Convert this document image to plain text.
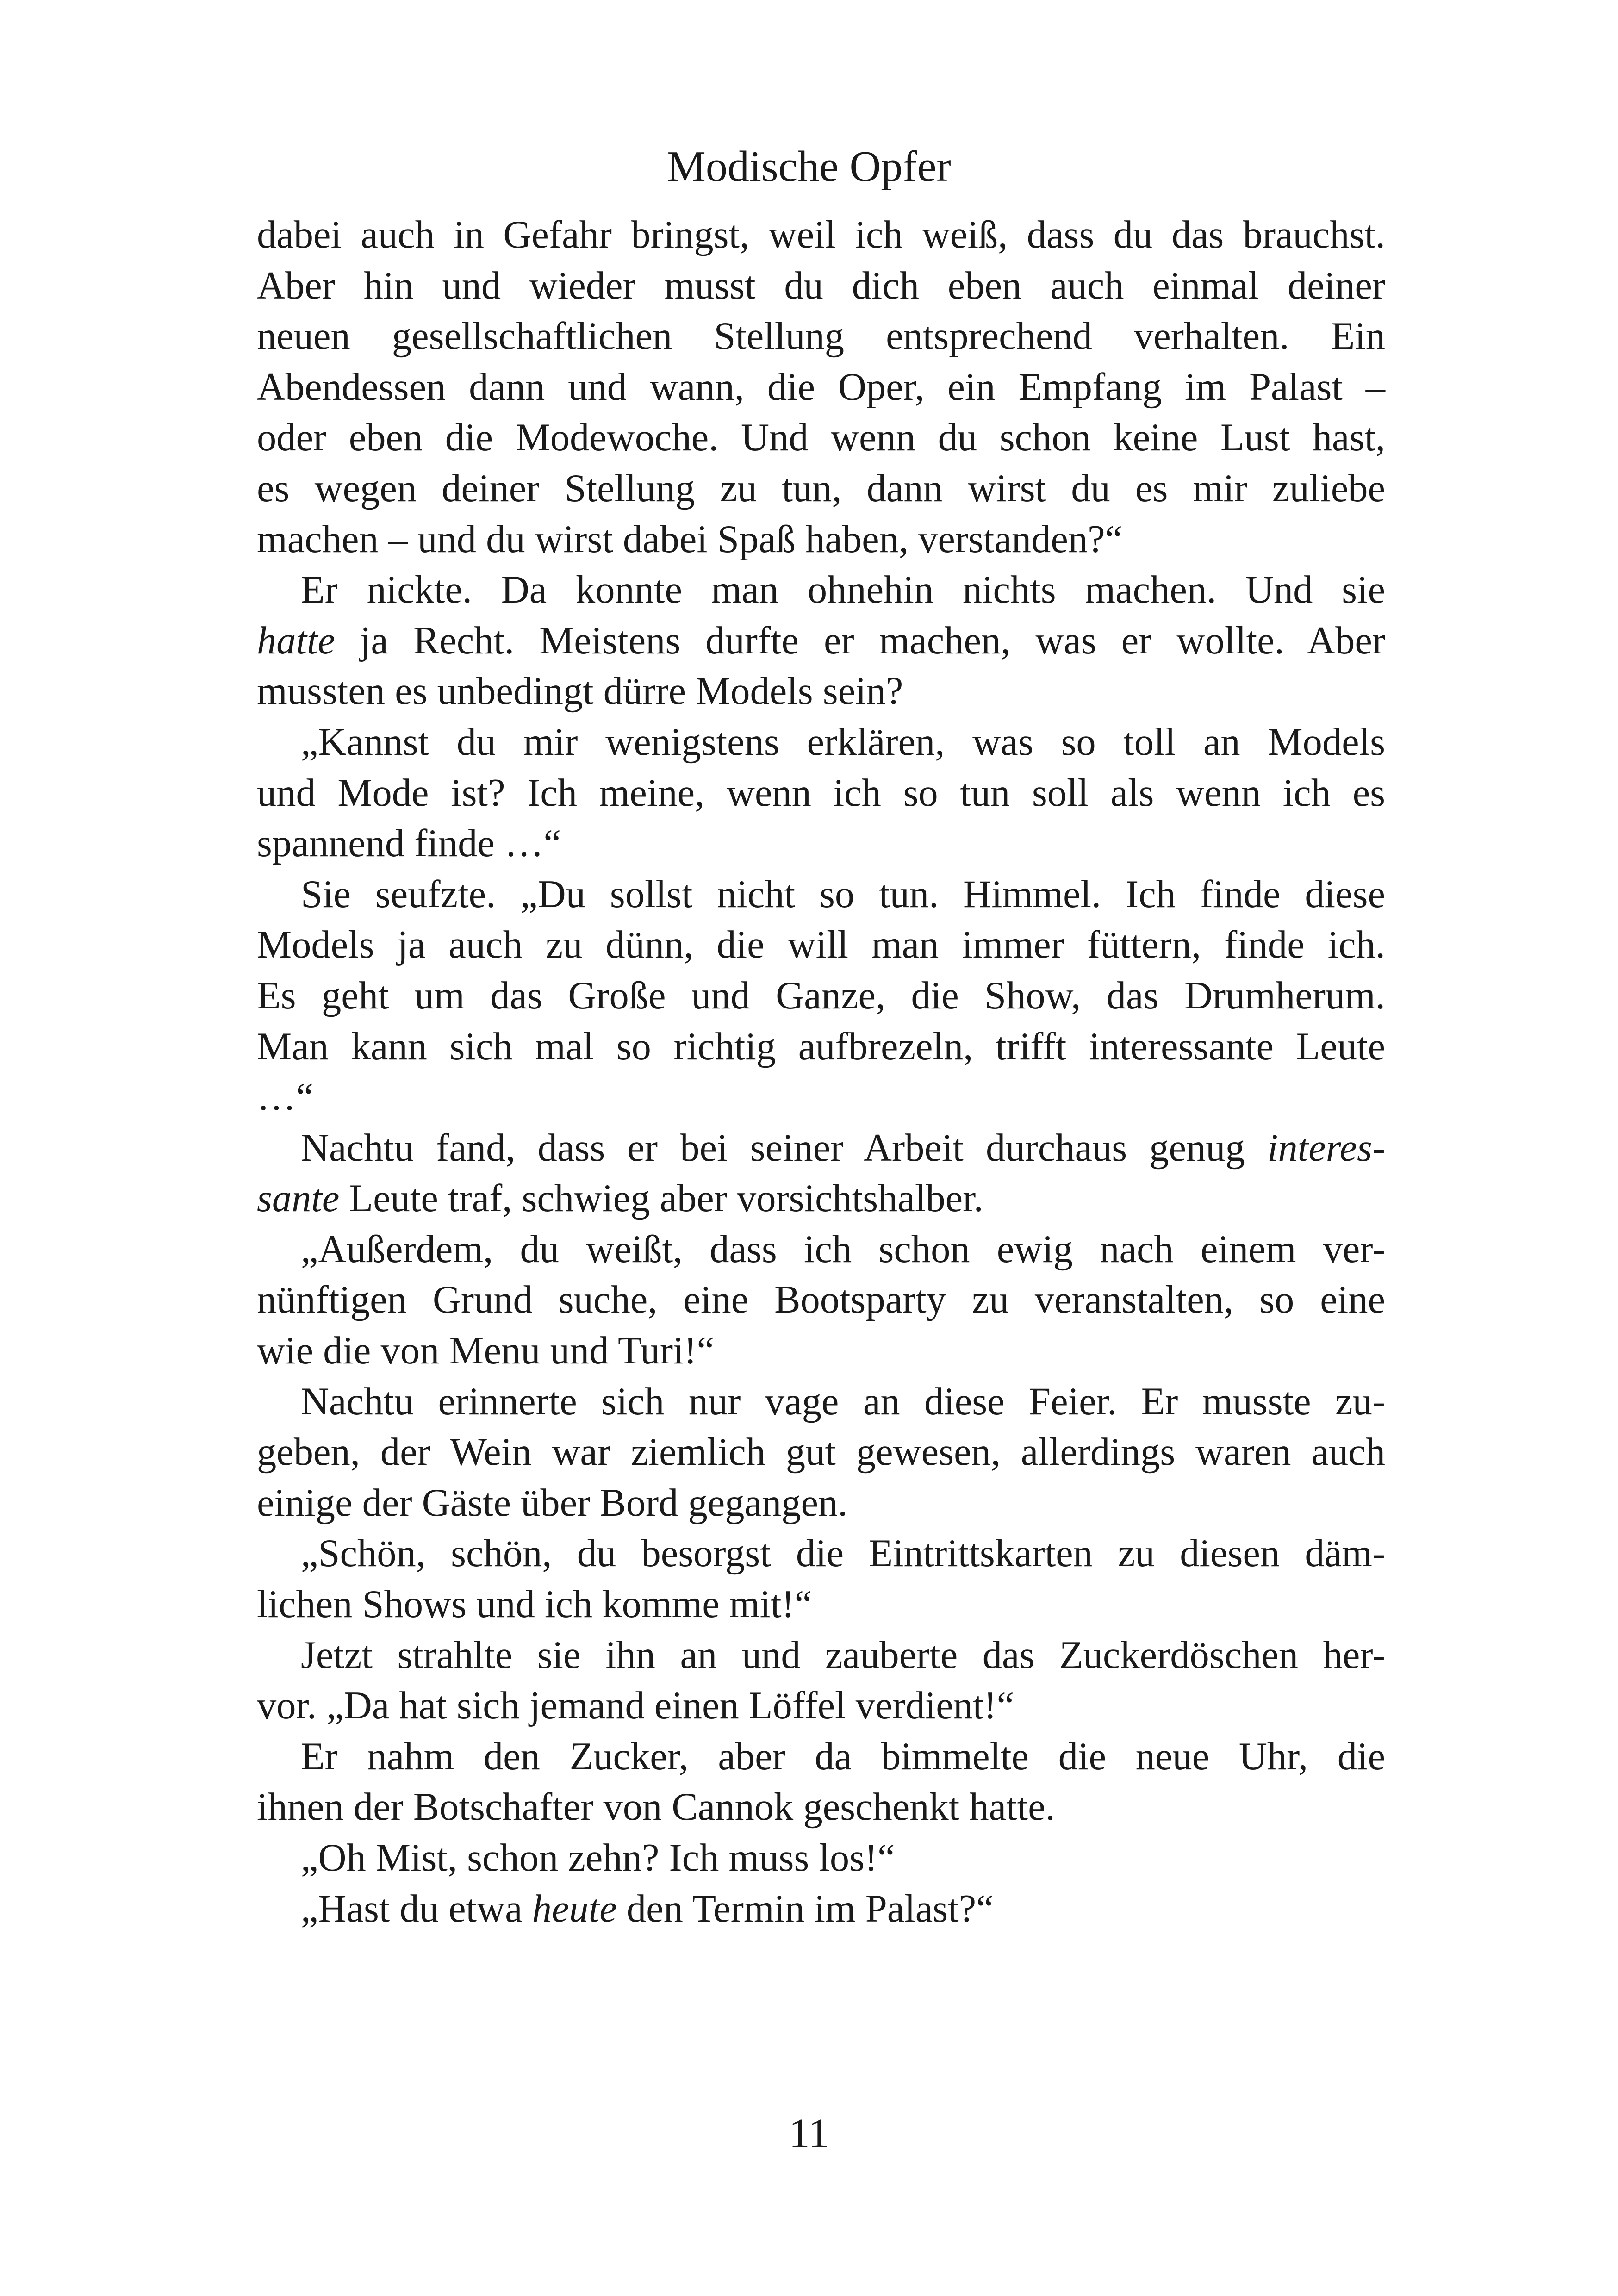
Modische Opfer
dabei auch in Gefahr bringst, weil ich weiß, dass du das brauchst.
Aber hin und wieder musst du dich eben auch einmal deiner
neuen gesellschaftlichen Stellung entsprechend verhalten. Ein
Abendessen dann und wann, die Oper, ein Empfang im Palast –
oder eben die Modewoche. Und wenn du schon keine Lust hast,
es wegen deiner Stellung zu tun, dann wirst du es mir zuliebe
machen – und du wirst dabei Spaß haben, verstanden?“
Er nickte. Da konnte man ohnehin nichts machen. Und sie
hatte ja Recht. Meistens durfte er machen, was er wollte. Aber
mussten es unbedingt dürre Models sein?
„Kannst du mir wenigstens erklären, was so toll an Models
und Mode ist? Ich meine, wenn ich so tun soll als wenn ich es
spannend finde …“
Sie seufzte. „Du sollst nicht so tun. Himmel. Ich finde diese
Models ja auch zu dünn, die will man immer füttern, finde ich.
Es geht um das Große und Ganze, die Show, das Drumherum.
Man kann sich mal so richtig aufbrezeln, trifft interessante Leute
…“
Nachtu fand, dass er bei seiner Arbeit durchaus genug interes-
sante Leute traf, schwieg aber vorsichtshalber.
„Außerdem, du weißt, dass ich schon ewig nach einem ver-
nünftigen Grund suche, eine Bootsparty zu veranstalten, so eine
wie die von Menu und Turi!“
Nachtu erinnerte sich nur vage an diese Feier. Er musste zu-
geben, der Wein war ziemlich gut gewesen, allerdings waren auch
einige der Gäste über Bord gegangen.
„Schön, schön, du besorgst die Eintrittskarten zu diesen däm-
lichen Shows und ich komme mit!“
Jetzt strahlte sie ihn an und zauberte das Zuckerdöschen her-
vor. „Da hat sich jemand einen Löffel verdient!“
Er nahm den Zucker, aber da bimmelte die neue Uhr, die
ihnen der Botschafter von Cannok geschenkt hatte.
„Oh Mist, schon zehn? Ich muss los!“
„Hast du etwa heute den Termin im Palast?“
11
